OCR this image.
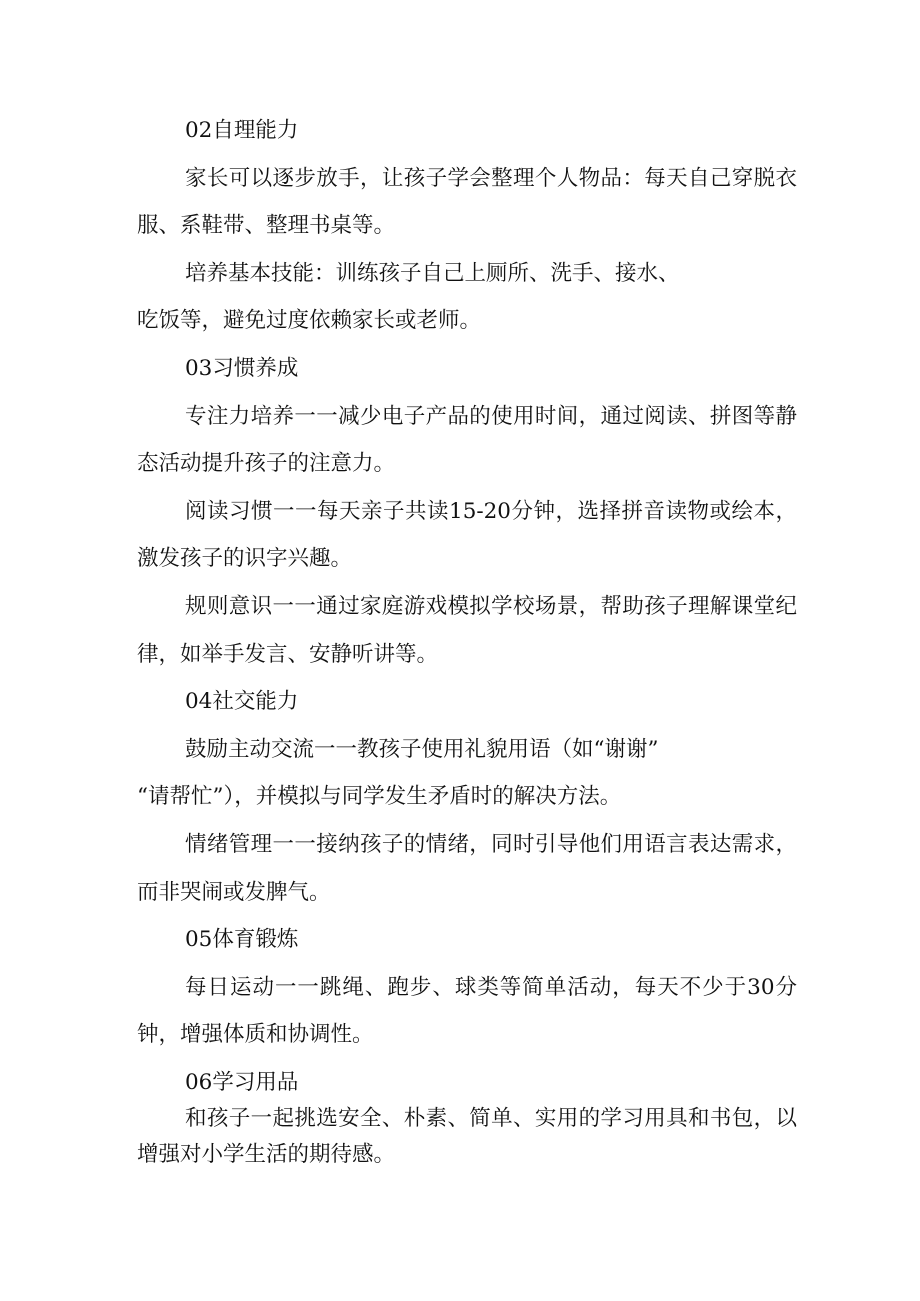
02自理能力

家长可以逐步放手，让孩子学会整理个人物品：每天自己穿脱衣服、系鞋带、整理书桌等。

培养基本技能：训练孩子自己上厕所、洗手、接水、

吃饭等，避免过度依赖家长或老师。

03习惯养成

专注力培养一一减少电子产品的使用时间，通过阅读、拼图等静态活动提升孩子的注意力。

阅读习惯一一每天亲子共读15-20分钟，选择拼音读物或绘本，激发孩子的识字兴趣。

规则意识一一通过家庭游戏模拟学校场景，帮助孩子理解课堂纪律，如举手发言、安静听讲等。

04社交能力

鼓励主动交流一一教孩子使用礼貌用语（如“谢谢”

“请帮忙”），并模拟与同学发生矛盾时的解决方法。

情绪管理一一接纳孩子的情绪，同时引导他们用语言表达需求，而非哭闹或发脾气。

05体育锻炼

每日运动一一跳绳、跑步、球类等简单活动，每天不少于30分钟，增强体质和协调性。

06学习用品

和孩子一起挑选安全、朴素、简单、实用的学习用具和书包，以增强对小学生活的期待感。
